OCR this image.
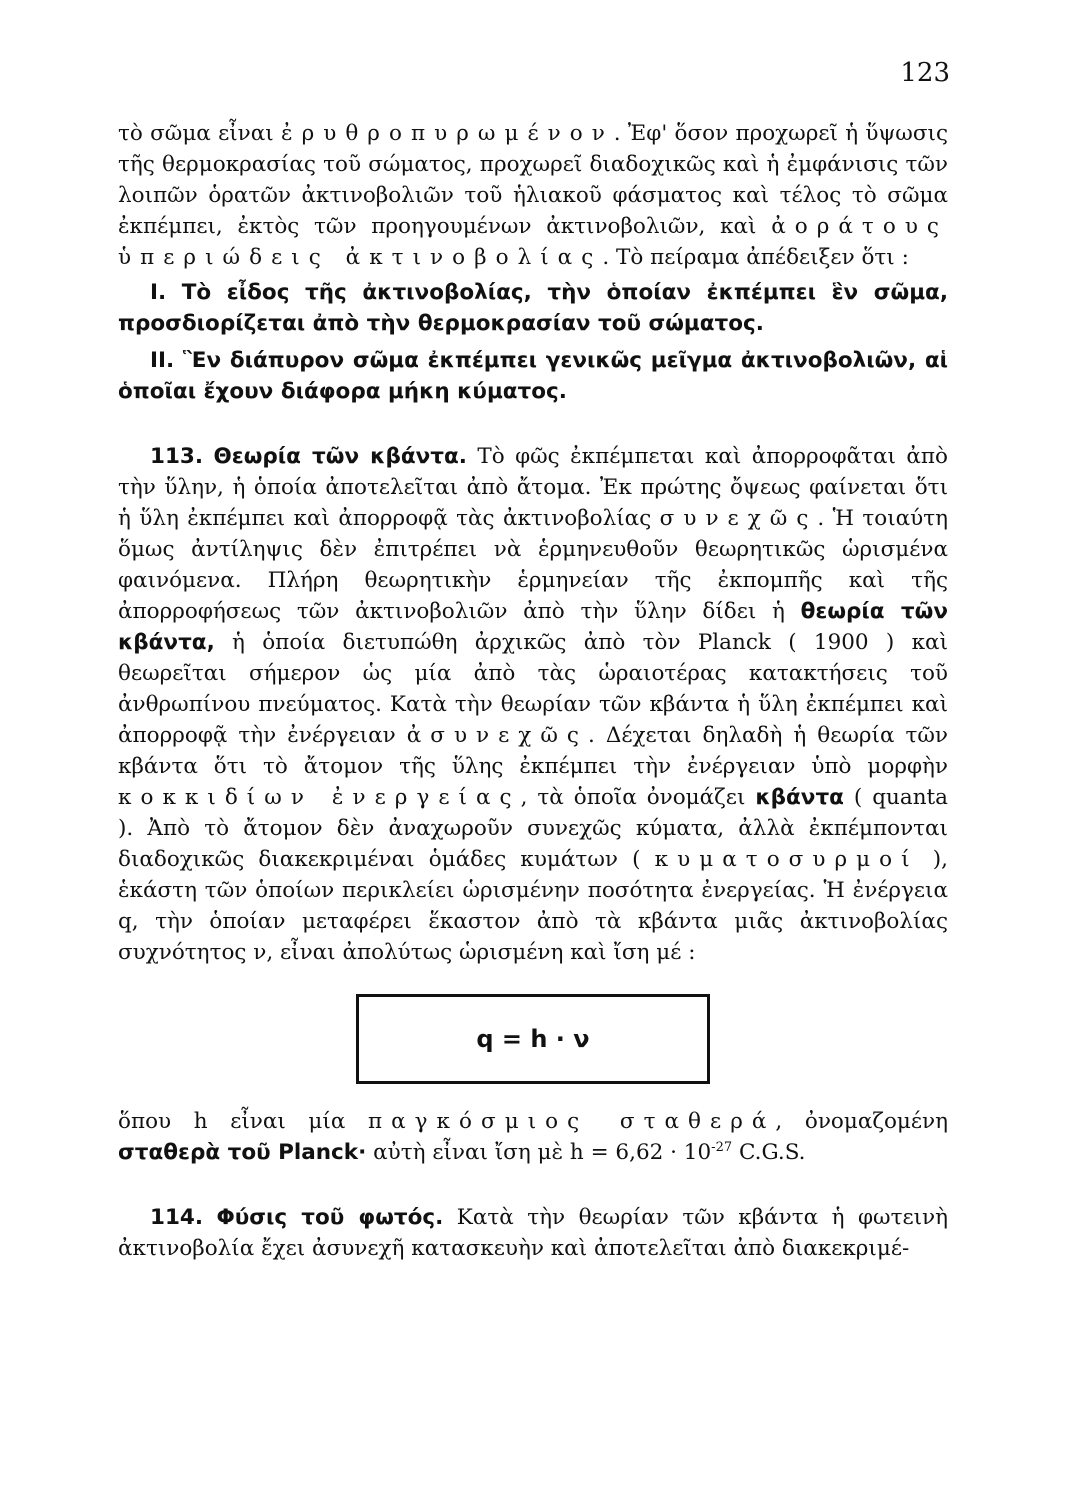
123

τὸ σῶμα εἶναι ἐρυθροπυρωμένον. Ἐφ' ὅσον προχωρεῖ ἡ ὕψωσις τῆς θερμοκρασίας τοῦ σώματος, προχωρεῖ διαδοχικῶς καὶ ἡ ἐμφάνισις τῶν λοιπῶν ὁρατῶν ἀκτινοβολιῶν τοῦ ἡλιακοῦ φάσματος καὶ τέλος τὸ σῶμα ἐκπέμπει, ἐκτὸς τῶν προηγουμένων ἀκτινοβολιῶν, καὶ ἀοράτους ὑπεριώδεις ἀκτινοβολίας. Τὸ πείραμα ἀπέδειξεν ὅτι :

I. Τὸ εἶδος τῆς ἀκτινοβολίας, τὴν ὁποίαν ἐκπέμπει ἓν σῶμα, προσδιορίζεται ἀπὸ τὴν θερμοκρασίαν τοῦ σώματος.

II. Ἓν διάπυρον σῶμα ἐκπέμπει γενικῶς μεῖγμα ἀκτινοβολιῶν, αἱ ὁποῖαι ἔχουν διάφορα μήκη κύματος.

113. Θεωρία τῶν κβάντα. Τὸ φῶς ἐκπέμπεται καὶ ἀπορροφᾶται ἀπὸ τὴν ὕλην, ἡ ὁποία ἀποτελεῖται ἀπὸ ἄτομα. Ἐκ πρώτης ὄψεως φαίνεται ὅτι ἡ ὕλη ἐκπέμπει καὶ ἀπορροφᾷ τὰς ἀκτινοβολίας συνεχῶς. Ἡ τοιαύτη ὅμως ἀντίληψις δὲν ἐπιτρέπει νὰ ἑρμηνευθοῦν θεωρητικῶς ὡρισμένα φαινόμενα. Πλήρη θεωρητικὴν ἑρμηνείαν τῆς ἐκπομπῆς καὶ τῆς ἀπορροφήσεως τῶν ἀκτινοβολιῶν ἀπὸ τὴν ὕλην δίδει ἡ θεωρία τῶν κβάντα, ἡ ὁποία διετυπώθη ἀρχικῶς ἀπὸ τὸν Planck ( 1900 ) καὶ θεωρεῖται σήμερον ὡς μία ἀπὸ τὰς ὡραιοτέρας κατακτήσεις τοῦ ἀνθρωπίνου πνεύματος. Κατὰ τὴν θεωρίαν τῶν κβάντα ἡ ὕλη ἐκπέμπει καὶ ἀπορροφᾷ τὴν ἐνέργειαν ἀσυνεχῶς. Δέχεται δηλαδὴ ἡ θεωρία τῶν κβάντα ὅτι τὸ ἄτομον τῆς ὕλης ἐκπέμπει τὴν ἐνέργειαν ὑπὸ μορφὴν κοκκιδίων ἐνεργείας, τὰ ὁποῖα ὀνομάζει κβάντα ( quanta ). Ἀπὸ τὸ ἄτομον δὲν ἀναχωροῦν συνεχῶς κύματα, ἀλλὰ ἐκπέμπονται διαδοχικῶς διακεκριμέναι ὁμάδες κυμάτων ( κυματοσυρμοί ), ἑκάστη τῶν ὁποίων περικλείει ὡρισμένην ποσότητα ἐνεργείας. Ἡ ἐνέργεια q, τὴν ὁποίαν μεταφέρει ἕκαστον ἀπὸ τὰ κβάντα μιᾶς ἀκτινοβολίας συχνότητος ν, εἶναι ἀπολύτως ὡρισμένη καὶ ἴση μέ :

q = h · ν

ὅπου h εἶναι μία παγκόσμιος σταθερά, ὀνομαζομένη σταθερὰ τοῦ Planck· αὐτὴ εἶναι ἴση μὲ $h = 6,62 \cdot 10^{-27}$ C.G.S.

114. Φύσις τοῦ φωτός. Κατὰ τὴν θεωρίαν τῶν κβάντα ἡ φωτεινὴ ἀκτινοβολία ἔχει ἀσυνεχῆ κατασκευὴν καὶ ἀποτελεῖται ἀπὸ διακεκριμέ-
